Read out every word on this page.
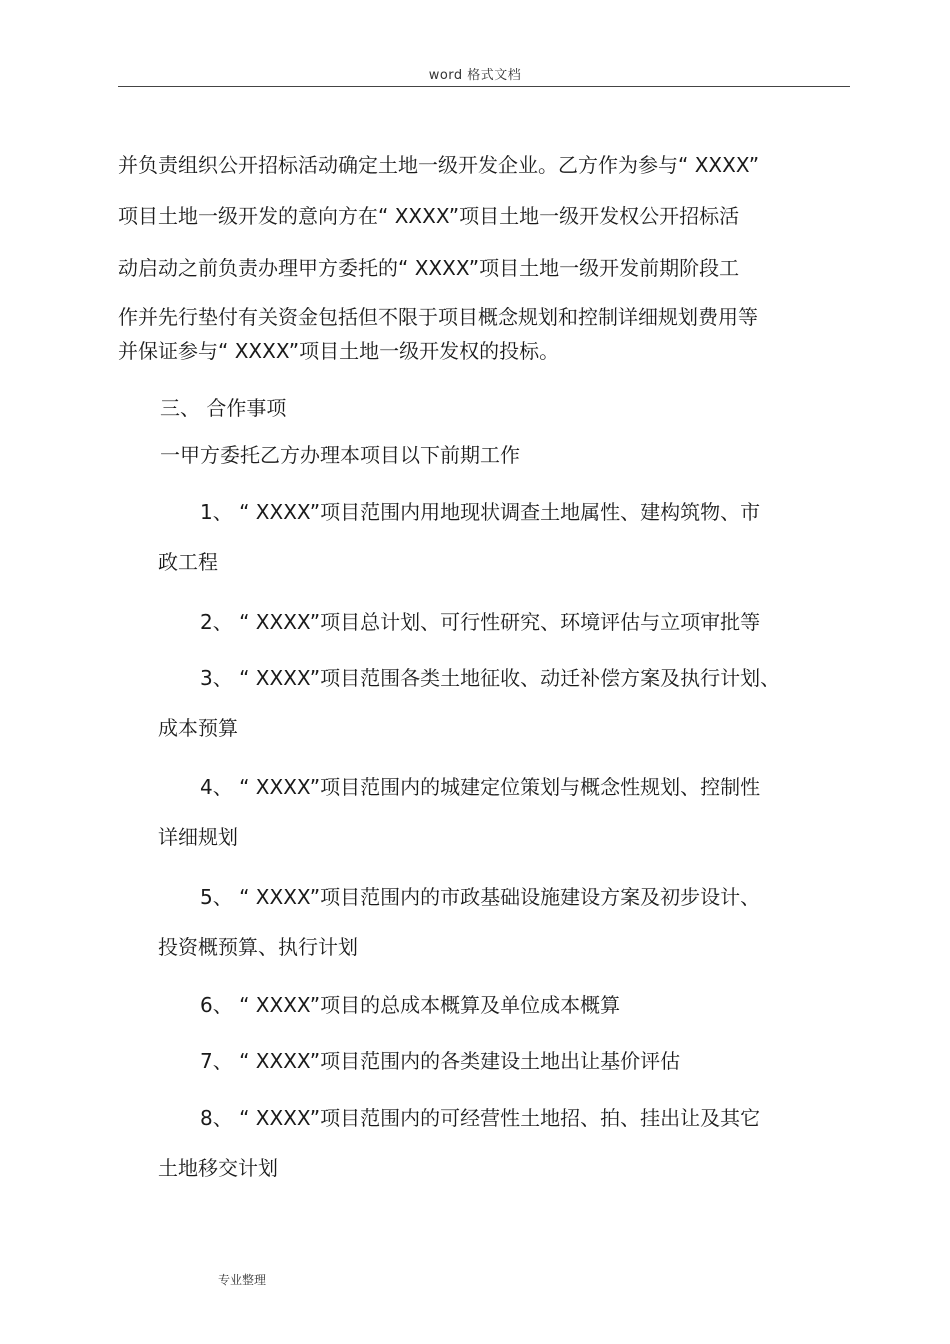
word 格式文档
并负责组织公开招标活动确定土地一级开发企业。乙方作为参与“ XXXX”
项目土地一级开发的意向方在“ XXXX”项目土地一级开发权公开招标活
动启动之前负责办理甲方委托的“ XXXX”项目土地一级开发前期阶段工
作并先行垫付有关资金包括但不限于项目概念规划和控制详细规划费用等
并保证参与“ XXXX”项目土地一级开发权的投标。
三、 合作事项
一甲方委托乙方办理本项目以下前期工作
1、 “ XXXX”项目范围内用地现状调查土地属性、建构筑物、市
政工程
2、 “ XXXX”项目总计划、可行性研究、环境评估与立项审批等
3、 “ XXXX”项目范围各类土地征收、动迁补偿方案及执行计划、
成本预算
4、 “ XXXX”项目范围内的城建定位策划与概念性规划、控制性
详细规划
5、 “ XXXX”项目范围内的市政基础设施建设方案及初步设计、
投资概预算、执行计划
6、 “ XXXX”项目的总成本概算及单位成本概算
7、 “ XXXX”项目范围内的各类建设土地出让基价评估
8、 “ XXXX”项目范围内的可经营性土地招、拍、挂出让及其它
土地移交计划
专业整理
